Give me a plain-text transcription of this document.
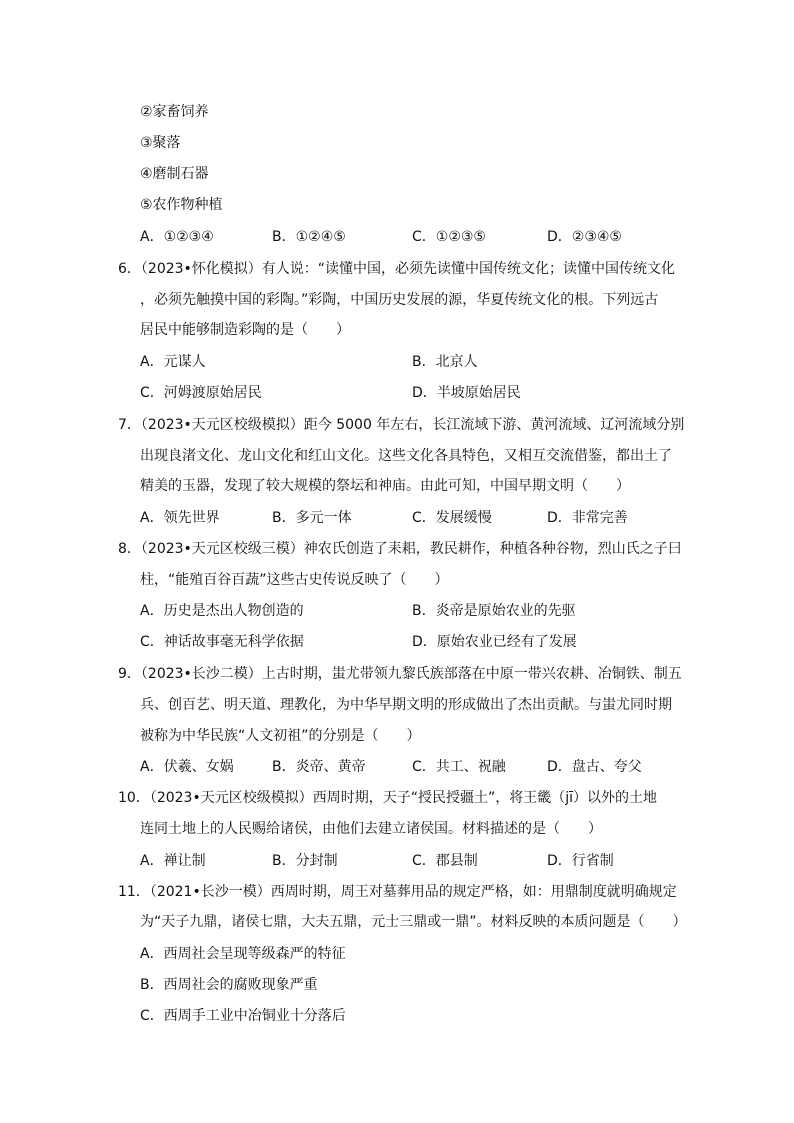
②家畜饲养
③聚落
④磨制石器
⑤农作物种植
A．①②③④	B．①②④⑤	C．①②③⑤	D．②③④⑤
6．（2023•怀化模拟）有人说：“读懂中国，必须先读懂中国传统文化；读懂中国传统文化
，必须先触摸中国的彩陶。”彩陶，中国历史发展的源，华夏传统文化的根。下列远古
居民中能够制造彩陶的是（　　）
A．元谋人	B．北京人
C．河姆渡原始居民	D．半坡原始居民
7．（2023•天元区校级模拟）距今 5000 年左右，长江流域下游、黄河流域、辽河流域分别
出现良渚文化、龙山文化和红山文化。这些文化各具特色，又相互交流借鉴，都出土了
精美的玉器，发现了较大规模的祭坛和神庙。由此可知，中国早期文明（　　）
A．领先世界	B．多元一体	C．发展缓慢	D．非常完善
8．（2023•天元区校级三模）神农氏创造了耒耜，教民耕作，种植各种谷物，烈山氏之子曰
柱，“能殖百谷百蔬”这些古史传说反映了（　　）
A．历史是杰出人物创造的	B．炎帝是原始农业的先驱
C．神话故事毫无科学依据	D．原始农业已经有了发展
9．（2023•长沙二模）上古时期，蚩尤带领九黎氏族部落在中原一带兴农耕、冶铜铁、制五
兵、创百艺、明天道、理教化，为中华早期文明的形成做出了杰出贡献。与蚩尤同时期
被称为中华民族“人文初祖”的分别是（　　）
A．伏羲、女娲	B．炎帝、黄帝	C．共工、祝融	D．盘古、夸父
10．（2023•天元区校级模拟）西周时期，天子“授民授疆土”，将王畿（jī）以外的土地
连同土地上的人民赐给诸侯，由他们去建立诸侯国。材料描述的是（　　）
A．禅让制	B．分封制	C．郡县制	D．行省制
11．（2021•长沙一模）西周时期，周王对墓葬用品的规定严格，如：用鼎制度就明确规定
为“天子九鼎，诸侯七鼎，大夫五鼎，元士三鼎或一鼎”。材料反映的本质问题是（　　）
A．西周社会呈现等级森严的特征
B．西周社会的腐败现象严重
C．西周手工业中冶铜业十分落后
